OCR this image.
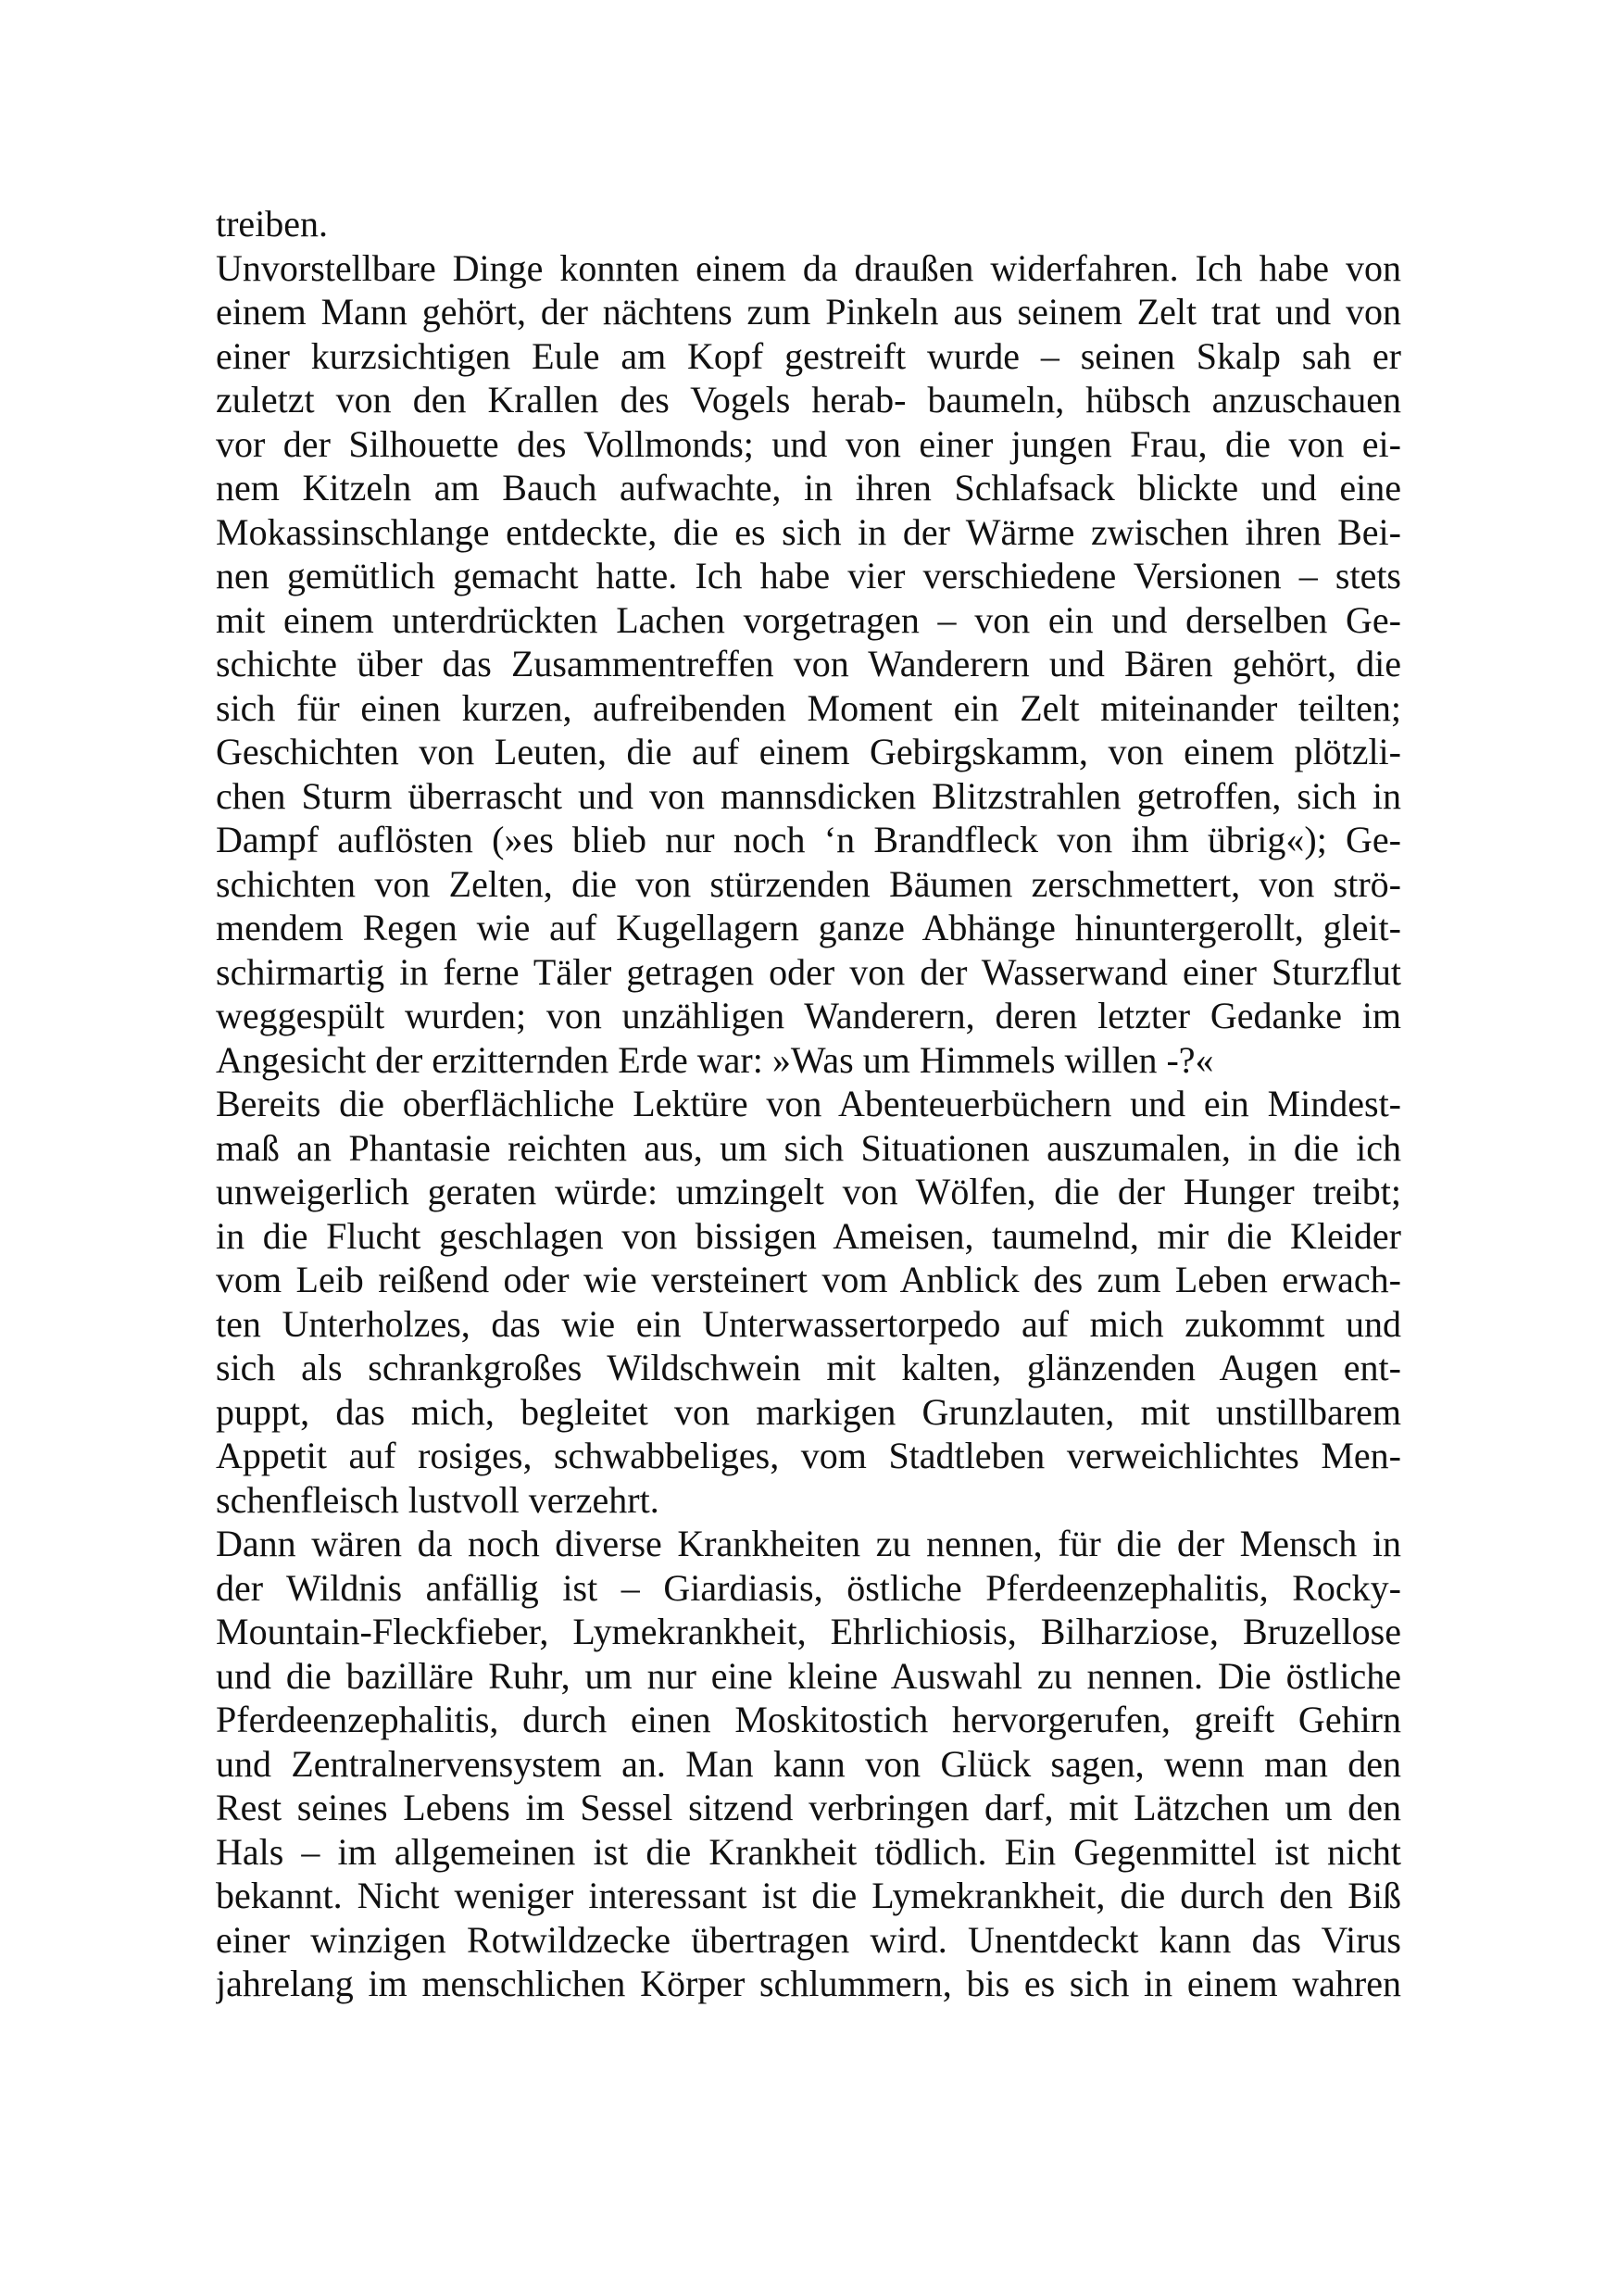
treiben.
Unvorstellbare Dinge konnten einem da draußen widerfahren. Ich habe von
einem Mann gehört, der nächtens zum Pinkeln aus seinem Zelt trat und von
einer kurzsichtigen Eule am Kopf gestreift wurde – seinen Skalp sah er
zuletzt von den Krallen des Vogels herab- baumeln, hübsch anzuschauen
vor der Silhouette des Vollmonds; und von einer jungen Frau, die von ei-
nem Kitzeln am Bauch aufwachte, in ihren Schlafsack blickte und eine
Mokassinschlange entdeckte, die es sich in der Wärme zwischen ihren Bei-
nen gemütlich gemacht hatte. Ich habe vier verschiedene Versionen – stets
mit einem unterdrückten Lachen vorgetragen – von ein und derselben Ge-
schichte über das Zusammentreffen von Wanderern und Bären gehört, die
sich für einen kurzen, aufreibenden Moment ein Zelt miteinander teilten;
Geschichten von Leuten, die auf einem Gebirgskamm, von einem plötzli-
chen Sturm überrascht und von mannsdicken Blitzstrahlen getroffen, sich in
Dampf auflösten (»es blieb nur noch ‘n Brandfleck von ihm übrig«); Ge-
schichten von Zelten, die von stürzenden Bäumen zerschmettert, von strö-
mendem Regen wie auf Kugellagern ganze Abhänge hinuntergerollt, gleit-
schirmartig in ferne Täler getragen oder von der Wasserwand einer Sturzflut
weggespült wurden; von unzähligen Wanderern, deren letzter Gedanke im
Angesicht der erzitternden Erde war: »Was um Himmels willen -?«
Bereits die oberflächliche Lektüre von Abenteuerbüchern und ein Mindest-
maß an Phantasie reichten aus, um sich Situationen auszumalen, in die ich
unweigerlich geraten würde: umzingelt von Wölfen, die der Hunger treibt;
in die Flucht geschlagen von bissigen Ameisen, taumelnd, mir die Kleider
vom Leib reißend oder wie versteinert vom Anblick des zum Leben erwach-
ten Unterholzes, das wie ein Unterwassertorpedo auf mich zukommt und
sich als schrankgroßes Wildschwein mit kalten, glänzenden Augen ent-
puppt, das mich, begleitet von markigen Grunzlauten, mit unstillbarem
Appetit auf rosiges, schwabbeliges, vom Stadtleben verweichlichtes Men-
schenfleisch lustvoll verzehrt.
Dann wären da noch diverse Krankheiten zu nennen, für die der Mensch in
der Wildnis anfällig ist – Giardiasis, östliche Pferdeenzephalitis, Rocky-
Mountain-Fleckfieber, Lymekrankheit, Ehrlichiosis, Bilharziose, Bruzellose
und die bazilläre Ruhr, um nur eine kleine Auswahl zu nennen. Die östliche
Pferdeenzephalitis, durch einen Moskitostich hervorgerufen, greift Gehirn
und Zentralnervensystem an. Man kann von Glück sagen, wenn man den
Rest seines Lebens im Sessel sitzend verbringen darf, mit Lätzchen um den
Hals – im allgemeinen ist die Krankheit tödlich. Ein Gegenmittel ist nicht
bekannt. Nicht weniger interessant ist die Lymekrankheit, die durch den Biß
einer winzigen Rotwildzecke übertragen wird. Unentdeckt kann das Virus
jahrelang im menschlichen Körper schlummern, bis es sich in einem wahren
